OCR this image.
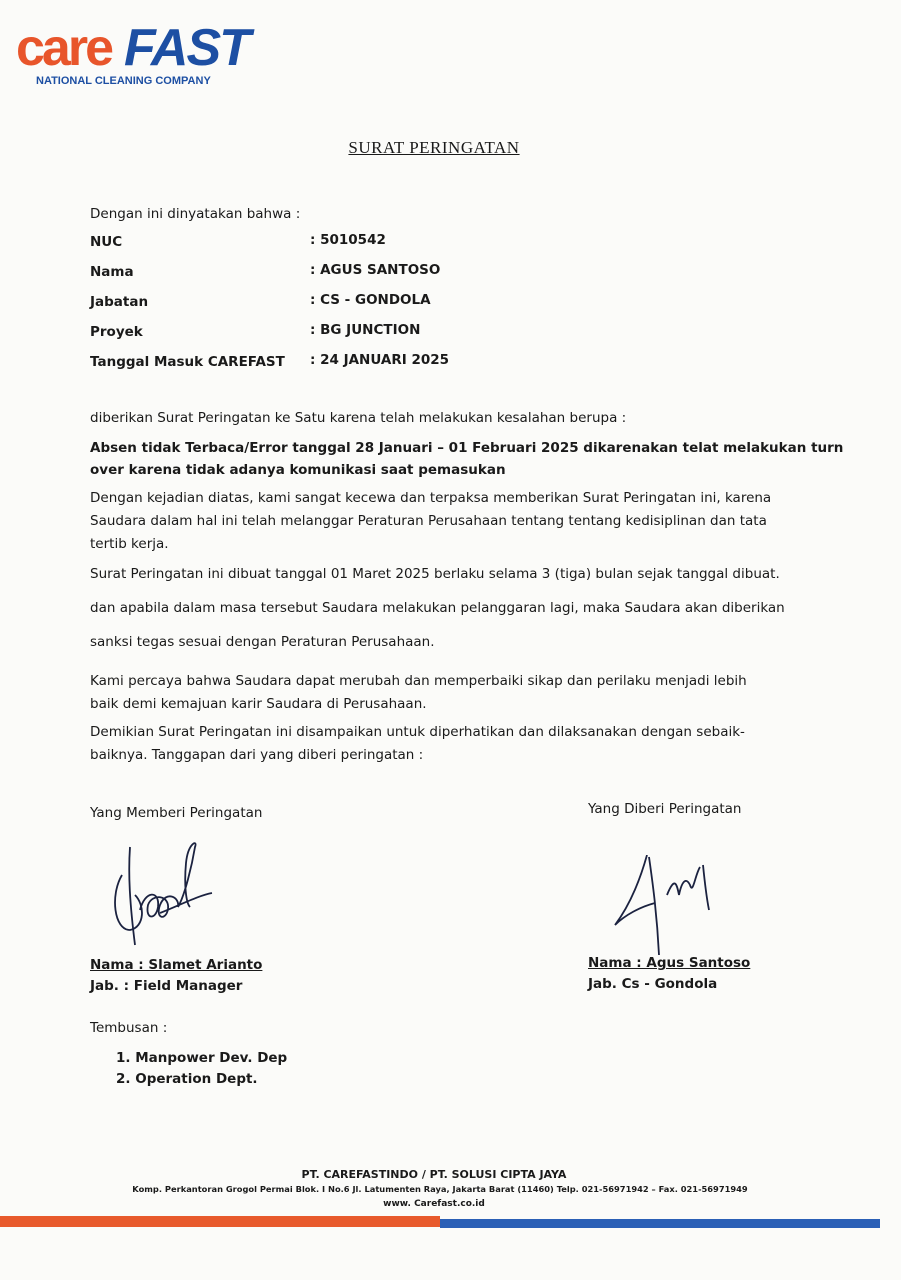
care FAST
NATIONAL CLEANING COMPANY
SURAT PERINGATAN
Dengan ini dinyatakan bahwa :
NUC	: 5010542
Nama	: AGUS SANTOSO
Jabatan	: CS - GONDOLA
Proyek	: BG JUNCTION
Tanggal Masuk CAREFAST : 24 JANUARI 2025
diberikan Surat Peringatan ke Satu karena telah melakukan kesalahan berupa :
Absen tidak Terbaca/Error tanggal 28 Januari – 01 Februari 2025 dikarenakan telat melakukan turn
over karena tidak adanya komunikasi saat pemasukan
Dengan kejadian diatas, kami sangat kecewa dan terpaksa memberikan Surat Peringatan ini, karena
Saudara dalam hal ini telah melanggar Peraturan Perusahaan tentang tentang kedisiplinan dan tata
tertib kerja.
Surat Peringatan ini dibuat tanggal 01 Maret 2025 berlaku selama 3 (tiga) bulan sejak tanggal dibuat.
dan apabila dalam masa tersebut Saudara melakukan pelanggaran lagi, maka Saudara akan diberikan
sanksi tegas sesuai dengan Peraturan Perusahaan.
Kami percaya bahwa Saudara dapat merubah dan memperbaiki sikap dan perilaku menjadi lebih
baik demi kemajuan karir Saudara di Perusahaan.
Demikian Surat Peringatan ini disampaikan untuk diperhatikan dan dilaksanakan dengan sebaik-
baiknya. Tanggapan dari yang diberi peringatan :
Yang Memberi Peringatan	Yang Diberi Peringatan
Nama : Slamet Arianto
Jab. : Field Manager
Nama : Agus Santoso
Jab. Cs - Gondola
Tembusan :
1. Manpower Dev. Dep
2. Operation Dept.
PT. CAREFASTINDO / PT. SOLUSI CIPTA JAYA
Komp. Perkantoran Grogol Permai Blok. I No.6 Jl. Latumenten Raya, Jakarta Barat (11460) Telp. 021-56971942 – Fax. 021-56971949
www. Carefast.co.id
